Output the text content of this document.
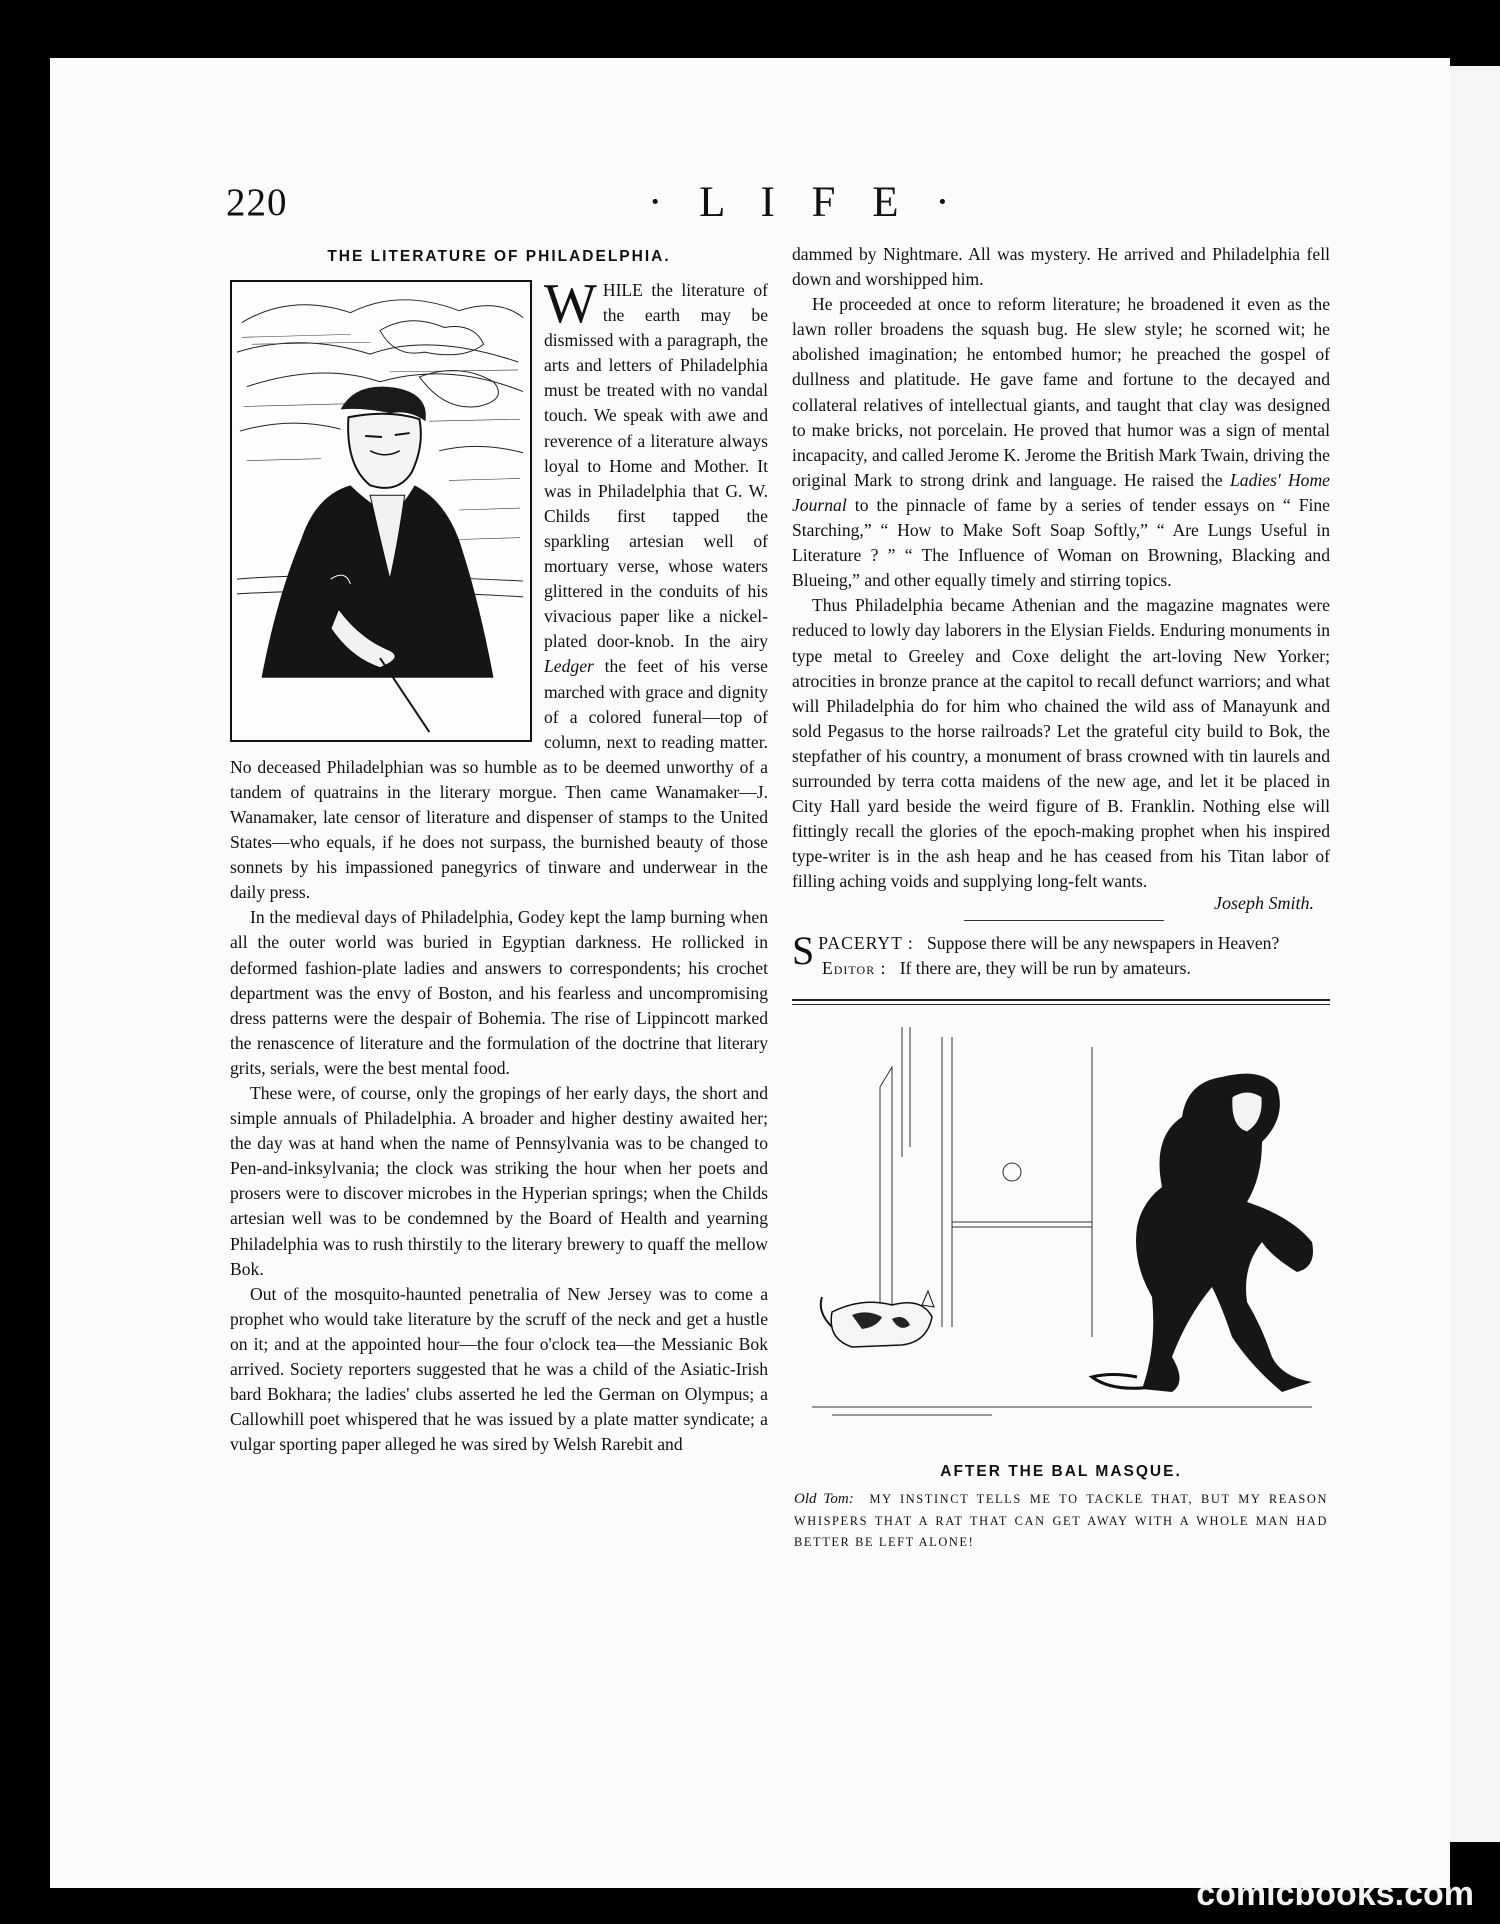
220	· L I F E ·
THE LITERATURE OF PHILADELPHIA.

WHILE the literature of the earth may be dismissed with a paragraph, the arts and letters of Philadelphia must be treated with no vandal touch. We speak with awe and reverence of a literature always loyal to Home and Mother. It was in Philadelphia that G. W. Childs first tapped the sparkling artesian well of mortuary verse, whose waters glittered in the conduits of his vivacious paper like a nickel-plated door-knob. In the airy Ledger the feet of his verse marched with grace and dignity of a colored funeral—top of column, next to reading matter. No deceased Philadelphian was so humble as to be deemed unworthy of a tandem of quatrains in the literary morgue. Then came Wanamaker—J. Wanamaker, late censor of literature and dispenser of stamps to the United States—who equals, if he does not surpass, the burnished beauty of those sonnets by his impassioned panegyrics of tinware and underwear in the daily press.

In the medieval days of Philadelphia, Godey kept the lamp burning when all the outer world was buried in Egyptian darkness. He rollicked in deformed fashion-plate ladies and answers to correspondents; his crochet department was the envy of Boston, and his fearless and uncompromising dress patterns were the despair of Bohemia. The rise of Lippincott marked the renascence of literature and the formulation of the doctrine that literary grits, serials, were the best mental food.

These were, of course, only the gropings of her early days, the short and simple annuals of Philadelphia. A broader and higher destiny awaited her; the day was at hand when the name of Pennsylvania was to be changed to Pen-and-inksylvania; the clock was striking the hour when her poets and prosers were to discover microbes in the Hyperian springs; when the Childs artesian well was to be condemned by the Board of Health and yearning Philadelphia was to rush thirstily to the literary brewery to quaff the mellow Bok.

Out of the mosquito-haunted penetralia of New Jersey was to come a prophet who would take literature by the scruff of the neck and get a hustle on it; and at the appointed hour—the four o'clock tea—the Messianic Bok arrived. Society reporters suggested that he was a child of the Asiatic-Irish bard Bokhara; the ladies' clubs asserted he led the German on Olympus; a Callowhill poet whispered that he was issued by a plate matter syndicate; a vulgar sporting paper alleged he was sired by Welsh Rarebit and

dammed by Nightmare. All was mystery. He arrived and Philadelphia fell down and worshipped him.

He proceeded at once to reform literature; he broadened it even as the lawn roller broadens the squash bug. He slew style; he scorned wit; he abolished imagination; he entombed humor; he preached the gospel of dullness and platitude. He gave fame and fortune to the decayed and collateral relatives of intellectual giants, and taught that clay was designed to make bricks, not porcelain. He proved that humor was a sign of mental incapacity, and called Jerome K. Jerome the British Mark Twain, driving the original Mark to strong drink and language. He raised the Ladies' Home Journal to the pinnacle of fame by a series of tender essays on “ Fine Starching,” “ How to Make Soft Soap Softly,” “ Are Lungs Useful in Literature ? ” “ The Influence of Woman on Browning, Blacking and Blueing,” and other equally timely and stirring topics.

Thus Philadelphia became Athenian and the magazine magnates were reduced to lowly day laborers in the Elysian Fields. Enduring monuments in type metal to Greeley and Coxe delight the art-loving New Yorker; atrocities in bronze prance at the capitol to recall defunct warriors; and what will Philadelphia do for him who chained the wild ass of Manayunk and sold Pegasus to the horse railroads? Let the grateful city build to Bok, the stepfather of his country, a monument of brass crowned with tin laurels and surrounded by terra cotta maidens of the new age, and let it be placed in City Hall yard beside the weird figure of B. Franklin. Nothing else will fittingly recall the glories of the epoch-making prophet when his inspired type-writer is in the ash heap and he has ceased from his Titan labor of filling aching voids and supplying long-felt wants.

Joseph Smith.

SPACERYT : Suppose there will be any newspapers in Heaven?

Editor : If there are, they will be run by amateurs.

AFTER THE BAL MASQUE.

Old Tom: MY INSTINCT TELLS ME TO TACKLE THAT, BUT MY REASON WHISPERS THAT A RAT THAT CAN GET AWAY WITH A WHOLE MAN HAD BETTER BE LEFT ALONE!

comicbooks.com
